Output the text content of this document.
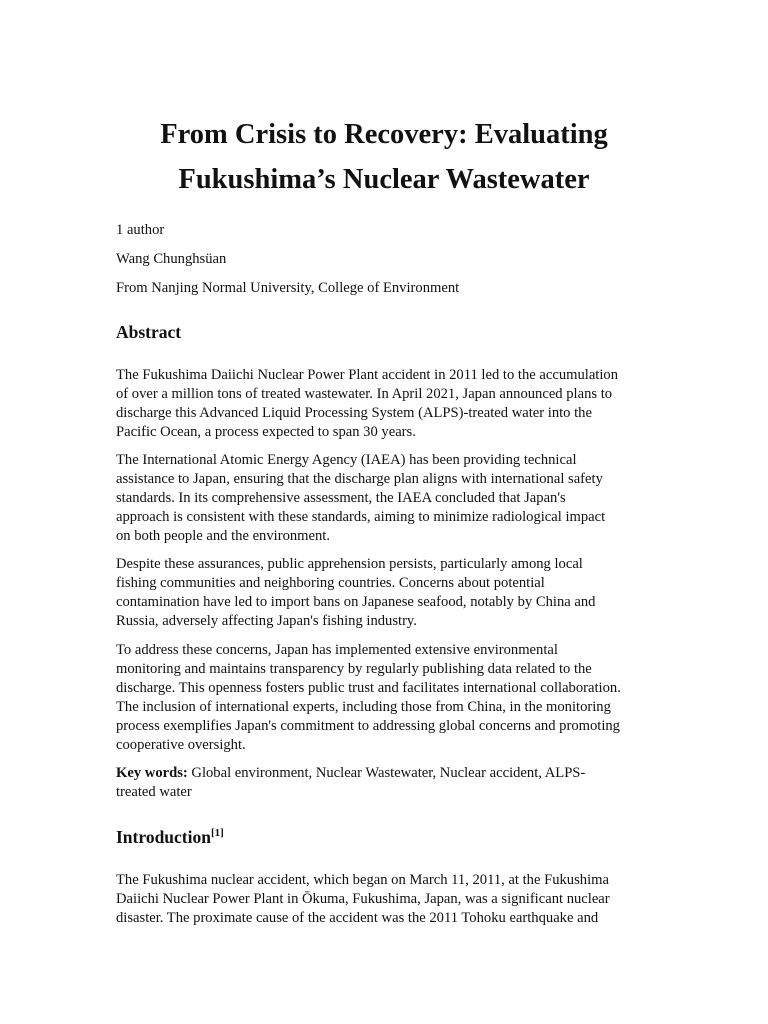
From Crisis to Recovery: Evaluating
Fukushima’s Nuclear Wastewater

1 author

Wang Chunghsüan

From Nanjing Normal University, College of Environment

Abstract

The Fukushima Daiichi Nuclear Power Plant accident in 2011 led to the accumulation
of over a million tons of treated wastewater. In April 2021, Japan announced plans to
discharge this Advanced Liquid Processing System (ALPS)-treated water into the
Pacific Ocean, a process expected to span 30 years.

The International Atomic Energy Agency (IAEA) has been providing technical
assistance to Japan, ensuring that the discharge plan aligns with international safety
standards. In its comprehensive assessment, the IAEA concluded that Japan's
approach is consistent with these standards, aiming to minimize radiological impact
on both people and the environment.

Despite these assurances, public apprehension persists, particularly among local
fishing communities and neighboring countries. Concerns about potential
contamination have led to import bans on Japanese seafood, notably by China and
Russia, adversely affecting Japan's fishing industry.

To address these concerns, Japan has implemented extensive environmental
monitoring and maintains transparency by regularly publishing data related to the
discharge. This openness fosters public trust and facilitates international collaboration.
The inclusion of international experts, including those from China, in the monitoring
process exemplifies Japan's commitment to addressing global concerns and promoting
cooperative oversight.

Key words: Global environment, Nuclear Wastewater, Nuclear accident, ALPS-
treated water

Introduction[1]

The Fukushima nuclear accident, which began on March 11, 2011, at the Fukushima
Daiichi Nuclear Power Plant in Ōkuma, Fukushima, Japan, was a significant nuclear
disaster. The proximate cause of the accident was the 2011 Tohoku earthquake and
